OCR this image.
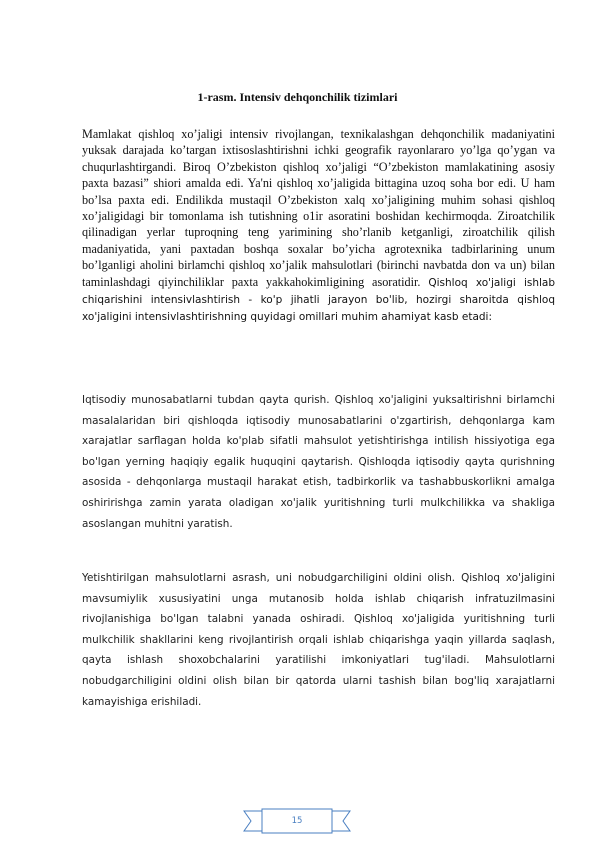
1-rasm. Intensiv dehqonchilik tizimlari
Mamlakat qishloq xo’jaligi intensiv rivojlangan, texnikalashgan dehqonchilik madaniyatini yuksak darajada ko’targan ixtisoslashtirishni ichki geografik rayonlararo yo’lga qo’ygan va chuqurlashtirgandi. Biroq O’zbekiston qishloq xo’jaligi “O’zbekiston mamlakatining asosiy paxta bazasi” shiori amalda edi. Ya'ni qishloq xo’jaligida bittagina uzoq soha bor edi. U ham bo’lsa paxta edi. Endilikda mustaqil O’zbekiston xalq xo’jaligining muhim sohasi qishloq xo’jaligidagi bir tomonlama ish tutishning o1ir asoratini boshidan kechirmoqda. Ziroatchilik qilinadigan yerlar tuproqning teng yarimining sho’rlanib ketganligi, ziroatchilik qilish madaniyatida, yani paxtadan boshqa soxalar bo’yicha agrotexnika tadbirlarining unum bo’lganligi aholini birlamchi qishloq xo’jalik mahsulotlari (birinchi navbatda don va un) bilan taminlashdagi qiyinchiliklar paxta yakkahokimligining asoratidir. Qishloq xo'jaligi ishlab chiqarishini intensivlashtirish - ko'p jihatli jarayon bo'lib, hozirgi sharoitda qishloq xo'jaligini intensivlashtirishning quyidagi omillari muhim ahamiyat kasb etadi:
Iqtisodiy munosabatlarni tubdan qayta qurish. Qishloq xo'jaligini yuksaltirishni birlamchi masalalaridan biri qishloqda iqtisodiy munosabatlarini o'zgartirish, dehqonlarga kam xarajatlar sarflagan holda ko'plab sifatli mahsulot yetishtirishga intilish hissiyotiga ega bo'lgan yerning haqiqiy egalik huquqini qaytarish. Qishloqda iqtisodiy qayta qurishning asosida - dehqonlarga mustaqil harakat etish, tadbirkorlik va tashabbuskorlikni amalga oshiririshga zamin yarata oladigan xo'jalik yuritishning turli mulkchilikka va shakliga asoslangan muhitni yaratish.
Yetishtirilgan mahsulotlarni asrash, uni nobudgarchiligini oldini olish. Qishloq xo'jaligini mavsumiylik xususiyatini unga mutanosib holda ishlab chiqarish infratuzilmasini rivojlanishiga bo'lgan talabni yanada oshiradi. Qishloq xo'jaligida yuritishning turli mulkchilik shakllarini keng rivojlantirish orqali ishlab chiqarishga yaqin yillarda saqlash, qayta ishlash shoxobchalarini yaratilishi imkoniyatlari tug'iladi. Mahsulotlarni nobudgarchiligini oldini olish bilan bir qatorda ularni tashish bilan bog'liq xarajatlarni kamayishiga erishiladi.
15
